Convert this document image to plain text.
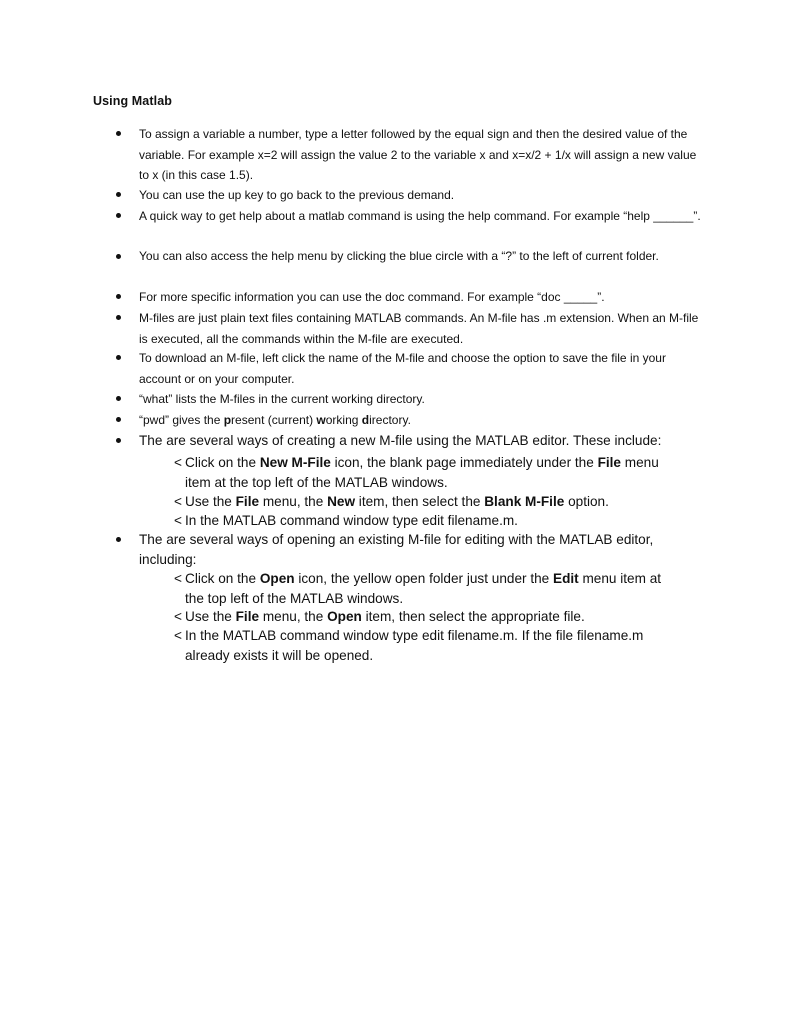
Using Matlab
To assign a variable a number, type a letter followed by the equal sign and then the desired value of the variable. For example x=2 will assign the value 2 to the variable x and x=x/2 + 1/x will assign a new value to x (in this case 1.5).
You can use the up key to go back to the previous demand.
A quick way to get help about a matlab command is using the help command. For example “help ______”.
You can also access the help menu by clicking the blue circle with a “?” to the left of current folder.
For more specific information you can use the doc command. For example “doc _____”.
M-files are just plain text files containing MATLAB commands. An M-file has .m extension. When an M-file is executed, all the commands within the M-file are executed.
To download an M-file, left click the name of the M-file and choose the option to save the file in your account or on your computer.
“what” lists the M-files in the current working directory.
“pwd” gives the present (current) working directory.
The are several ways of creating a new M-file using the MATLAB editor. These include:
< Click on the New M-File icon, the blank page immediately under the File menu
item at the top left of the MATLAB windows.
< Use the File menu, the New item, then select the Blank M-File option.
< In the MATLAB command window type edit filename.m.
The are several ways of opening an existing M-file for editing with the MATLAB editor, including:
< Click on the Open icon, the yellow open folder just under the Edit menu item at
the top left of the MATLAB windows.
< Use the File menu, the Open item, then select the appropriate file.
< In the MATLAB command window type edit filename.m. If the file filename.m
already exists it will be opened.
